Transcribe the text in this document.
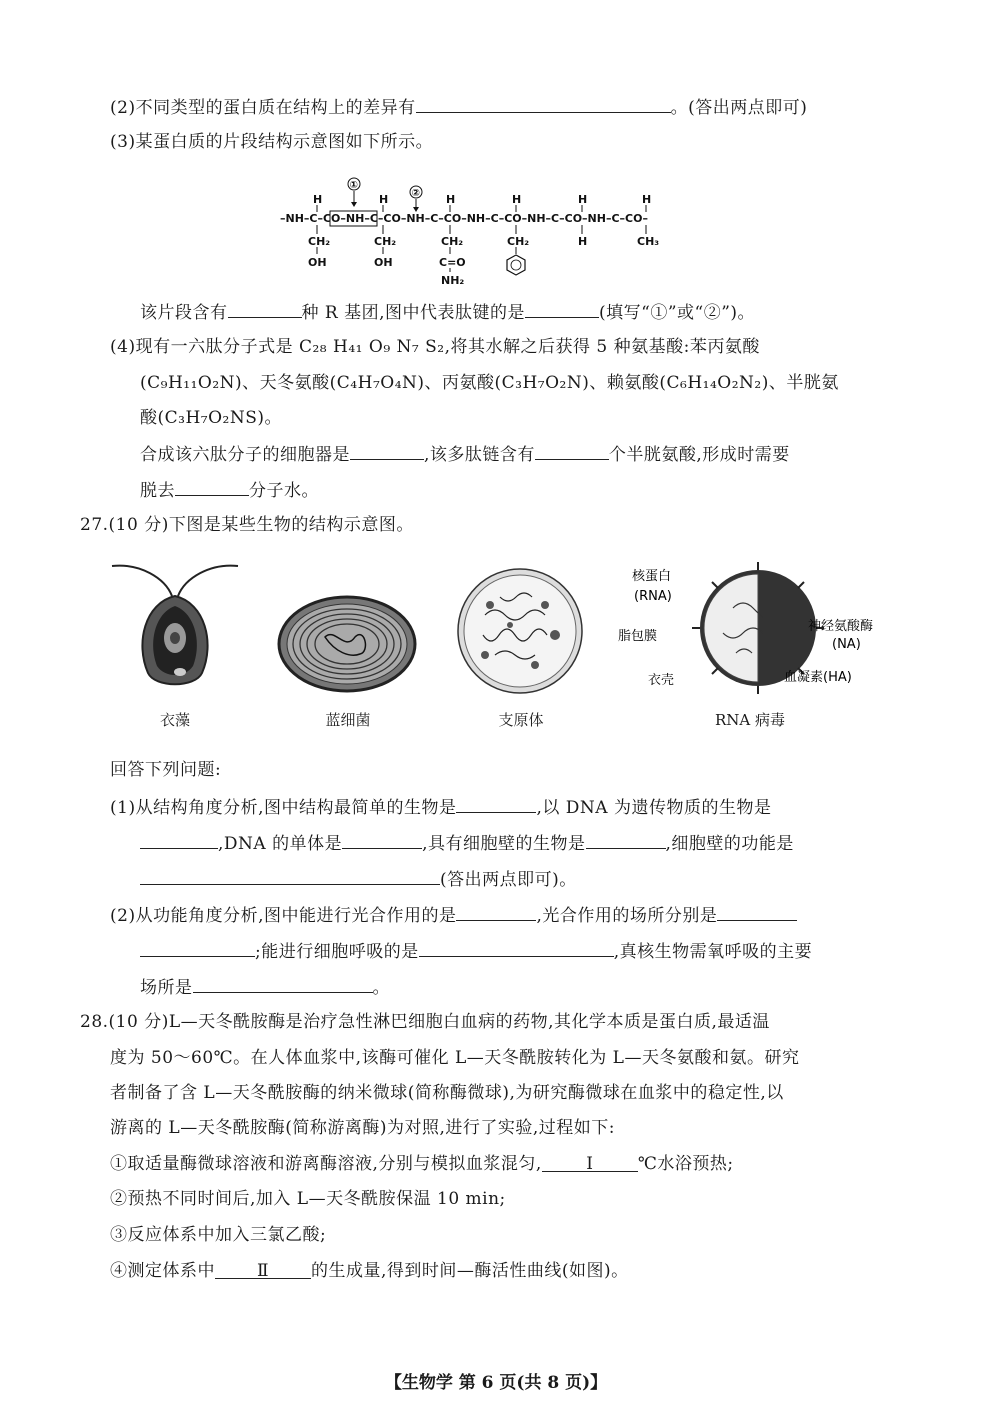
(2)不同类型的蛋白质在结构上的差异有	。(答出两点即可)
(3)某蛋白质的片段结构示意图如下所示。
①
②
–NH–C–CO–NH–C–CO–NH–C–CO–NH–C–CO–NH–C–CO–NH–C–CO–
H	H	H	H	H	H
CH₂
OH
CH₂
OH
CH₂
C=O
NH₂
CH₂	H	CH₃
该片段含有	种 R 基团,图中代表肽键的是	(填写“①”或“②”)。
(4)现有一六肽分子式是 C₂₈ H₄₁ O₉ N₇ S₂,将其水解之后获得 5 种氨基酸:苯丙氨酸
(C₉H₁₁O₂N)、天冬氨酸(C₄H₇O₄N)、丙氨酸(C₃H₇O₂N)、赖氨酸(C₆H₁₄O₂N₂)、半胱氨
酸(C₃H₇O₂NS)。
合成该六肽分子的细胞器是	,该多肽链含有	个半胱氨酸,形成时需要
脱去	分子水。
27.(10 分)下图是某些生物的结构示意图。
核蛋白
(RNA)
脂包膜
衣壳
神经氨酸酶
(NA)
血凝素(HA)
衣藻	蓝细菌	支原体	RNA 病毒
回答下列问题:
(1)从结构角度分析,图中结构最简单的生物是	,以 DNA 为遗传物质的生物是
,DNA 的单体是	,具有细胞壁的生物是	,细胞壁的功能是
(答出两点即可)。
(2)从功能角度分析,图中能进行光合作用的是	,光合作用的场所分别是
;能进行细胞呼吸的是	,真核生物需氧呼吸的主要
场所是	。
28.(10 分)L—天冬酰胺酶是治疗急性淋巴细胞白血病的药物,其化学本质是蛋白质,最适温
度为 50～60℃。在人体血浆中,该酶可催化 L—天冬酰胺转化为 L—天冬氨酸和氨。研究
者制备了含 L—天冬酰胺酶的纳米微球(简称酶微球),为研究酶微球在血浆中的稳定性,以
游离的 L—天冬酰胺酶(简称游离酶)为对照,进行了实验,过程如下:
①取适量酶微球溶液和游离酶溶液,分别与模拟血浆混匀,	Ⅰ	℃水浴预热;
②预热不同时间后,加入 L—天冬酰胺保温 10 min;
③反应体系中加入三氯乙酸;
④测定体系中 Ⅱ 的生成量,得到时间—酶活性曲线(如图)。
【生物学 第 6 页(共 8 页)】
